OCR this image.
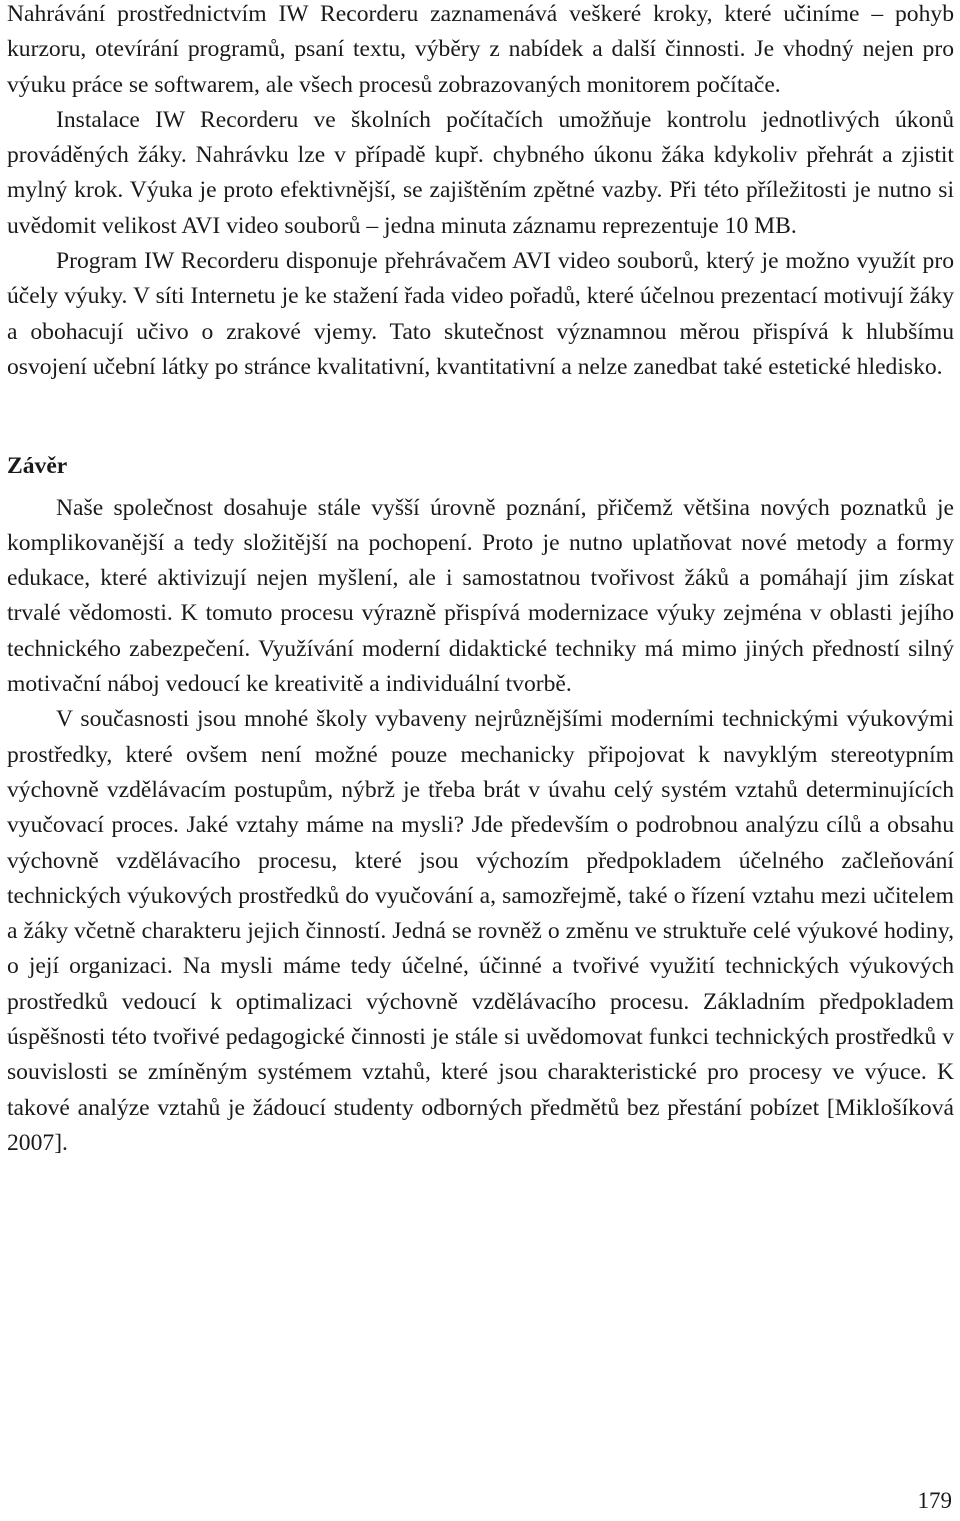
Nahrávání prostřednictvím IW Recorderu zaznamenává veškeré kroky, které učiníme – pohyb kurzoru, otevírání programů, psaní textu, výběry z nabídek a další činnosti. Je vhodný nejen pro výuku práce se softwarem, ale všech procesů zobrazovaných monitorem počítače.

Instalace IW Recorderu ve školních počítačích umožňuje kontrolu jednotlivých úkonů prováděných žáky. Nahrávku lze v případě kupř. chybného úkonu žáka kdykoliv přehrát a zjistit mylný krok. Výuka je proto efektivnější, se zajištěním zpětné vazby. Při této příležitosti je nutno si uvědomit velikost AVI video souborů – jedna minuta záznamu reprezentuje 10 MB.

Program IW Recorderu disponuje přehrávačem AVI video souborů, který je možno využít pro účely výuky. V síti Internetu je ke stažení řada video pořadů, které účelnou prezentací motivují žáky a obohacují učivo o zrakové vjemy. Tato skutečnost významnou měrou přispívá k hlubšímu osvojení učební látky po stránce kvalitativní, kvantitativní a nelze zanedbat také estetické hledisko.

Závěr

Naše společnost dosahuje stále vyšší úrovně poznání, přičemž většina nových poznatků je komplikovanější a tedy složitější na pochopení. Proto je nutno uplatňovat nové metody a formy edukace, které aktivizují nejen myšlení, ale i samostatnou tvořivost žáků a pomáhají jim získat trvalé vědomosti. K tomuto procesu výrazně přispívá modernizace výuky zejména v oblasti jejího technického zabezpečení. Využívání moderní didaktické techniky má mimo jiných předností silný motivační náboj vedoucí ke kreativitě a individuální tvorbě.

V současnosti jsou mnohé školy vybaveny nejrůznějšími moderními technickými výukovými prostředky, které ovšem není možné pouze mechanicky připojovat k navyklým stereotypním výchovně vzdělávacím postupům, nýbrž je třeba brát v úvahu celý systém vztahů determinujících vyučovací proces. Jaké vztahy máme na mysli? Jde především o podrobnou analýzu cílů a obsahu výchovně vzdělávacího procesu, které jsou výchozím předpokladem účelného začleňování technických výukových prostředků do vyučování a, samozřejmě, také o řízení vztahu mezi učitelem a žáky včetně charakteru jejich činností. Jedná se rovněž o změnu ve struktuře celé výukové hodiny, o její organizaci. Na mysli máme tedy účelné, účinné a tvořivé využití technických výukových prostředků vedoucí k optimalizaci výchovně vzdělávacího procesu. Základním předpokladem úspěšnosti této tvořivé pedagogické činnosti je stále si uvědomovat funkci technických prostředků v souvislosti se zmíněným systémem vztahů, které jsou charakteristické pro procesy ve výuce. K takové analýze vztahů je žádoucí studenty odborných předmětů bez přestání pobízet [Miklošíková 2007].

179
